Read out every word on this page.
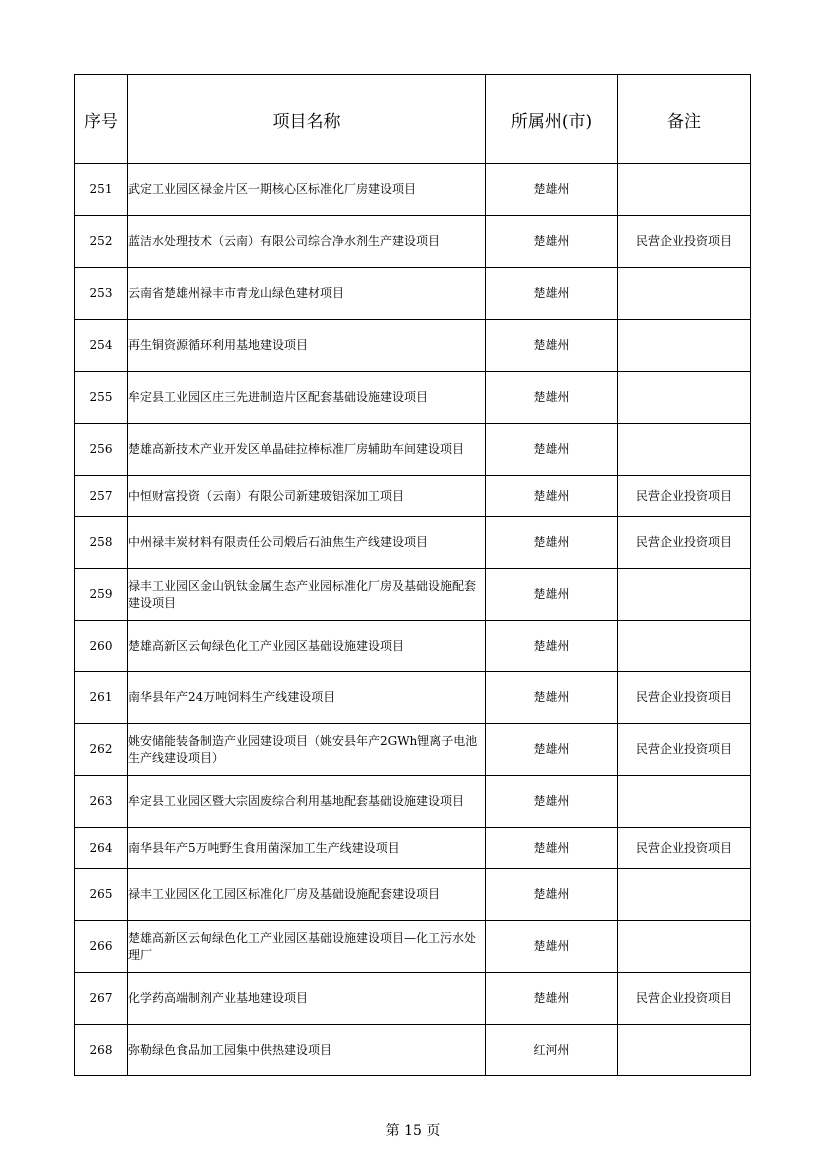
序号	项目名称	所属州(市)	备注
251	武定工业园区禄金片区一期核心区标准化厂房建设项目	楚雄州	
252	蓝洁水处理技术（云南）有限公司综合净水剂生产建设项目	楚雄州	民营企业投资项目
253	云南省楚雄州禄丰市青龙山绿色建材项目	楚雄州	
254	再生铜资源循环利用基地建设项目	楚雄州	
255	牟定县工业园区庄三先进制造片区配套基础设施建设项目	楚雄州	
256	楚雄高新技术产业开发区单晶硅拉棒标准厂房辅助车间建设项目	楚雄州	
257	中恒财富投资（云南）有限公司新建玻铝深加工项目	楚雄州	民营企业投资项目
258	中州禄丰炭材料有限责任公司煅后石油焦生产线建设项目	楚雄州	民营企业投资项目
259	禄丰工业园区金山钒钛金属生态产业园标准化厂房及基础设施配套建设项目	楚雄州	
260	楚雄高新区云甸绿色化工产业园区基础设施建设项目	楚雄州	
261	南华县年产24万吨饲料生产线建设项目	楚雄州	民营企业投资项目
262	姚安储能装备制造产业园建设项目（姚安县年产2GWh锂离子电池生产线建设项目）	楚雄州	民营企业投资项目
263	牟定县工业园区暨大宗固废综合利用基地配套基础设施建设项目	楚雄州	
264	南华县年产5万吨野生食用菌深加工生产线建设项目	楚雄州	民营企业投资项目
265	禄丰工业园区化工园区标准化厂房及基础设施配套建设项目	楚雄州	
266	楚雄高新区云甸绿色化工产业园区基础设施建设项目—化工污水处理厂	楚雄州	
267	化学药高端制剂产业基地建设项目	楚雄州	民营企业投资项目
268	弥勒绿色食品加工园集中供热建设项目	红河州	
第 15 页
